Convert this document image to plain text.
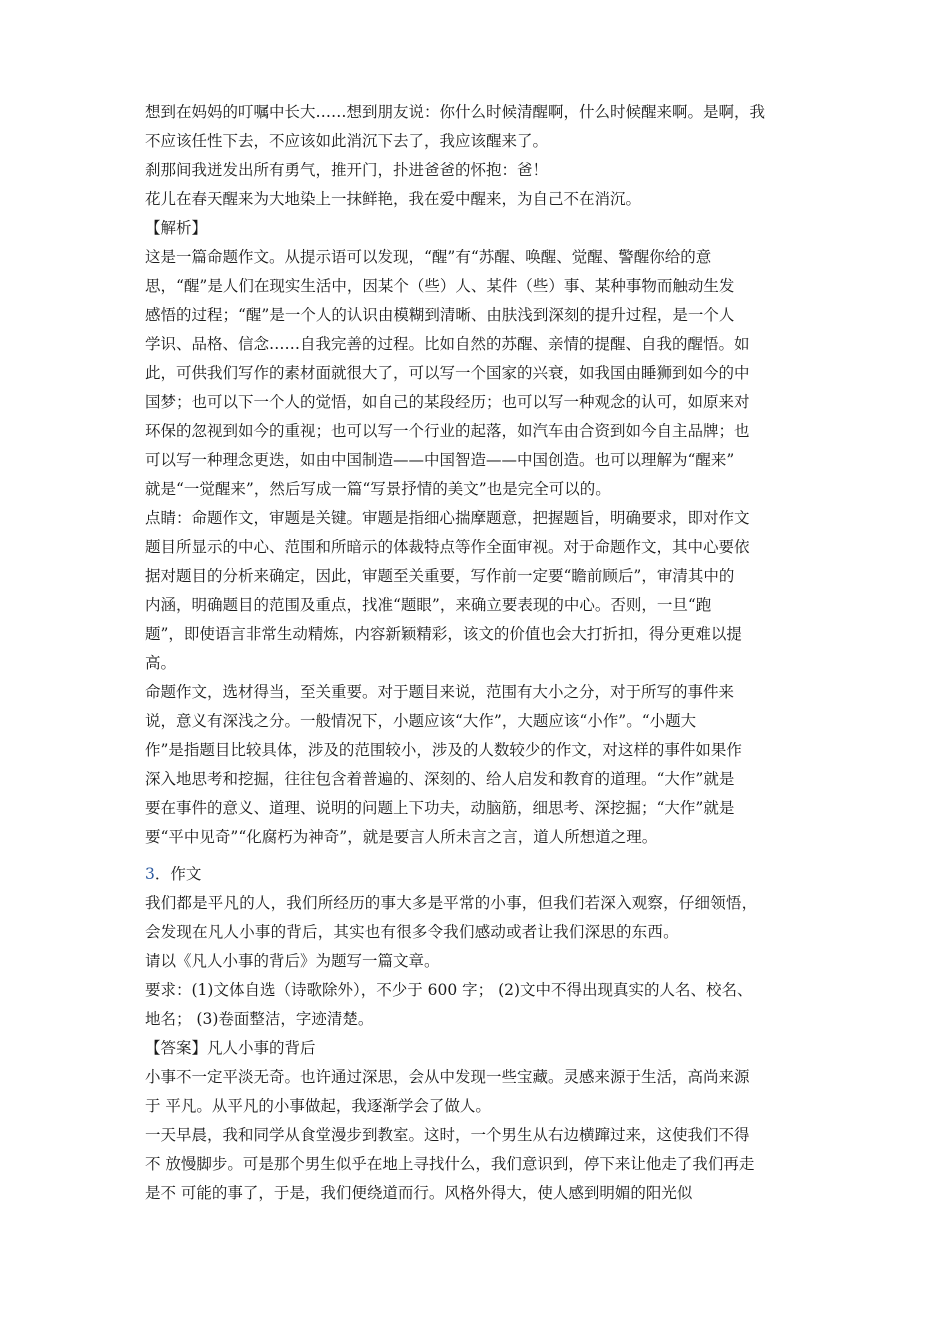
想到在妈妈的叮嘱中长大……想到朋友说：你什么时候清醒啊，什么时候醒来啊。是啊，我
不应该任性下去，不应该如此消沉下去了，我应该醒来了。
刹那间我迸发出所有勇气，推开门，扑进爸爸的怀抱：爸！
花儿在春天醒来为大地染上一抹鲜艳，我在爱中醒来，为自己不在消沉。
【解析】
这是一篇命题作文。从提示语可以发现，“醒”有“苏醒、唤醒、觉醒、警醒你给的意
思，“醒”是人们在现实生活中，因某个（些）人、某件（些）事、某种事物而触动生发
感悟的过程；“醒”是一个人的认识由模糊到清晰、由肤浅到深刻的提升过程，是一个人
学识、品格、信念……自我完善的过程。比如自然的苏醒、亲情的提醒、自我的醒悟。如
此，可供我们写作的素材面就很大了，可以写一个国家的兴衰，如我国由睡狮到如今的中
国梦；也可以下一个人的觉悟，如自己的某段经历；也可以写一种观念的认可，如原来对
环保的忽视到如今的重视；也可以写一个行业的起落，如汽车由合资到如今自主品牌；也
可以写一种理念更迭，如由中国制造——中国智造——中国创造。也可以理解为“醒来”
就是“一觉醒来”，然后写成一篇“写景抒情的美文”也是完全可以的。
点睛：命题作文，审题是关键。审题是指细心揣摩题意，把握题旨，明确要求，即对作文
题目所显示的中心、范围和所暗示的体裁特点等作全面审视。对于命题作文，其中心要依
据对题目的分析来确定，因此，审题至关重要，写作前一定要“瞻前顾后”，审清其中的
内涵，明确题目的范围及重点，找准“题眼”，来确立要表现的中心。否则，一旦“跑
题”，即使语言非常生动精炼，内容新颖精彩，该文的价值也会大打折扣，得分更难以提
高。
命题作文，选材得当，至关重要。对于题目来说，范围有大小之分，对于所写的事件来
说，意义有深浅之分。一般情况下，小题应该“大作”，大题应该“小作”。“小题大
作”是指题目比较具体，涉及的范围较小，涉及的人数较少的作文，对这样的事件如果作
深入地思考和挖掘，往往包含着普遍的、深刻的、给人启发和教育的道理。“大作”就是
要在事件的意义、道理、说明的问题上下功夫，动脑筋，细思考、深挖掘；“大作”就是
要“平中见奇”“化腐朽为神奇”，就是要言人所未言之言，道人所想道之理。
3．作文
我们都是平凡的人，我们所经历的事大多是平常的小事，但我们若深入观察，仔细领悟，
会发现在凡人小事的背后，其实也有很多令我们感动或者让我们深思的东西。
请以《凡人小事的背后》为题写一篇文章。
要求：(1)文体自选（诗歌除外），不少于 600 字； (2)文中不得出现真实的人名、校名、
地名； (3)卷面整洁，字迹清楚。
【答案】凡人小事的背后
小事不一定平淡无奇。也许通过深思，会从中发现一些宝藏。灵感来源于生活，高尚来源
于 平凡。从平凡的小事做起，我逐渐学会了做人。
一天早晨，我和同学从食堂漫步到教室。这时，一个男生从右边横蹿过来，这使我们不得
不 放慢脚步。可是那个男生似乎在地上寻找什么，我们意识到，停下来让他走了我们再走
是不 可能的事了，于是，我们便绕道而行。风格外得大，使人感到明媚的阳光似
